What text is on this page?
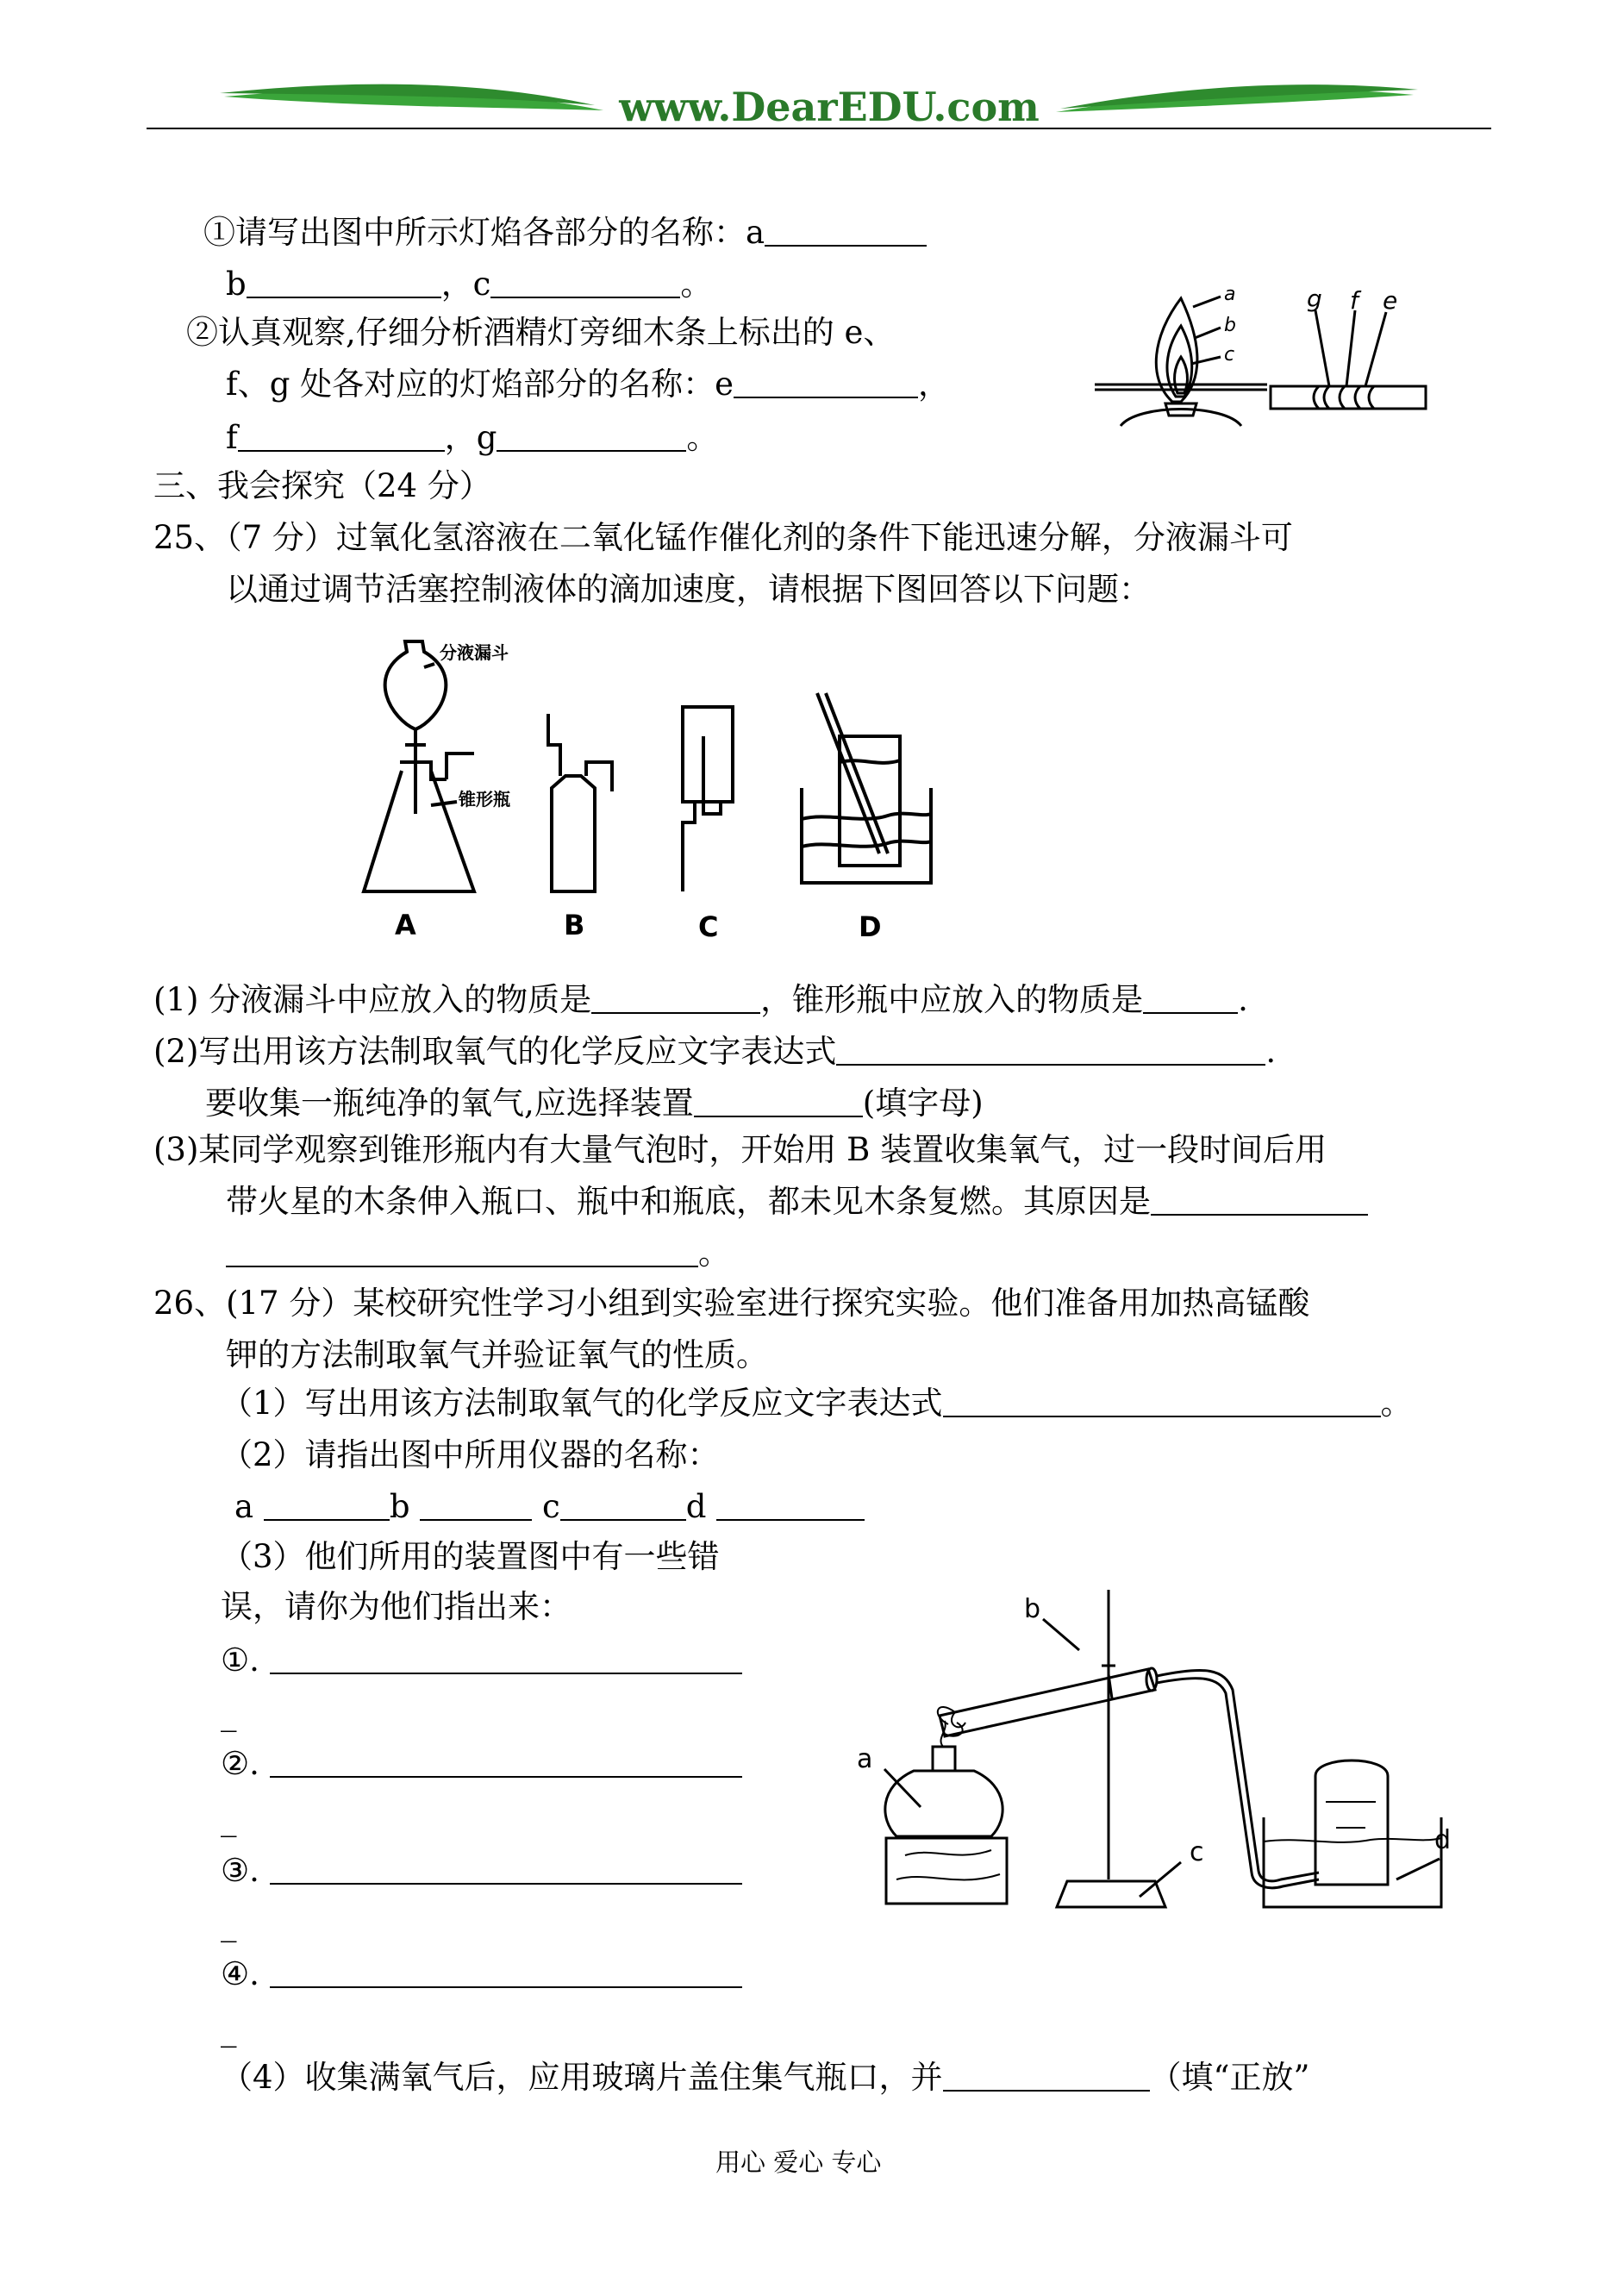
www.DearEDU.com
①请写出图中所示灯焰各部分的名称：a
b	，c	。
②认真观察,仔细分析酒精灯旁细木条上标出的 e、
f、g 处各对应的灯焰部分的名称：e	，
f	，g	。
a
b
c
g f e
三、我会探究（24 分）
25、（7 分）过氧化氢溶液在二氧化锰作催化剂的条件下能迅速分解，分液漏斗可
以通过调节活塞控制液体的滴加速度，请根据下图回答以下问题：
分液漏斗
锥形瓶
A	B	C	D
(1) 分液漏斗中应放入的物质是	，锥形瓶中应放入的物质是	.
(2)写出用该方法制取氧气的化学反应文字表达式	.
要收集一瓶纯净的氧气,应选择装置	(填字母)
(3)某同学观察到锥形瓶内有大量气泡时，开始用 B 装置收集氧气，过一段时间后用
带火星的木条伸入瓶口、瓶中和瓶底，都未见木条复燃。其原因是
。
26、(17 分）某校研究性学习小组到实验室进行探究实验。他们准备用加热高锰酸
钾的方法制取氧气并验证氧气的性质。
（1）写出用该方法制取氧气的化学反应文字表达式	。
（2）请指出图中所用仪器的名称：
a	b	c	d
（3）他们所用的装置图中有一些错
误，请你为他们指出来：
①.
_
②.
_
③.
_
④.
_
b
a
c	d
（4）收集满氧气后，应用玻璃片盖住集气瓶口，并	（填“正放”
用心 爱心 专心
